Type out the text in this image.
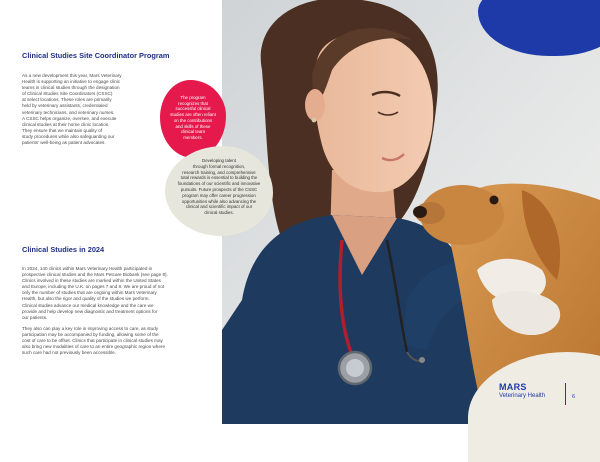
Clinical Studies Site Coordinator Program
As a new development this year, Mars Veterinary
Health is supporting an initiative to engage clinic
teams in clinical studies through the designation
of Clinical Studies Site Coordinators (CSSC)
at select locations. These roles are primarily
held by veterinary assistants, credentialed
veterinary technicians, and veterinary nurses.
A CSSC helps organize, oversee, and execute
clinical studies at their home clinic location.
They ensure that we maintain quality of
study procedures while also safeguarding our
patients' well-being as patient advocates.
Clinical Studies in 2024

In 2024, 140 clinics within Mars Veterinary Health participated in
prospective clinical studies and the Mars Petcare Biobank (see page 8).
Clinics involved in these studies are marked within the United States
and Europe, including the U.K. on pages 7 and 8. We are proud of not
only the number of studies that are ongoing within Mars Veterinary
Health, but also the rigor and quality of the studies we perform.
Clinical studies advance our medical knowledge and the care we
provide and help develop new diagnostic and treatment options for
our patients.

They also can play a key role in improving access to care, as study
participation may be accompanied by funding, allowing some of the
cost of care to be offset. Clinics that participate in clinical studies may
also bring new modalities of care to an entire geographic region where
such care had not previously been accessible.

The program
recognizes that
successful clinical
studies are often reliant
on the contributions
and skills of these
clinical team
members.
Developing talent
through formal recognition,
research training, and comprehensive
total rewards is essential to building the
foundations of our scientific and innovative
pursuits. Future prospects of the CSSC
program may offer career progression
opportunities while also advancing the
clinical and scientific impact of our
clinical studies.
MARS
Veterinary Health	6
